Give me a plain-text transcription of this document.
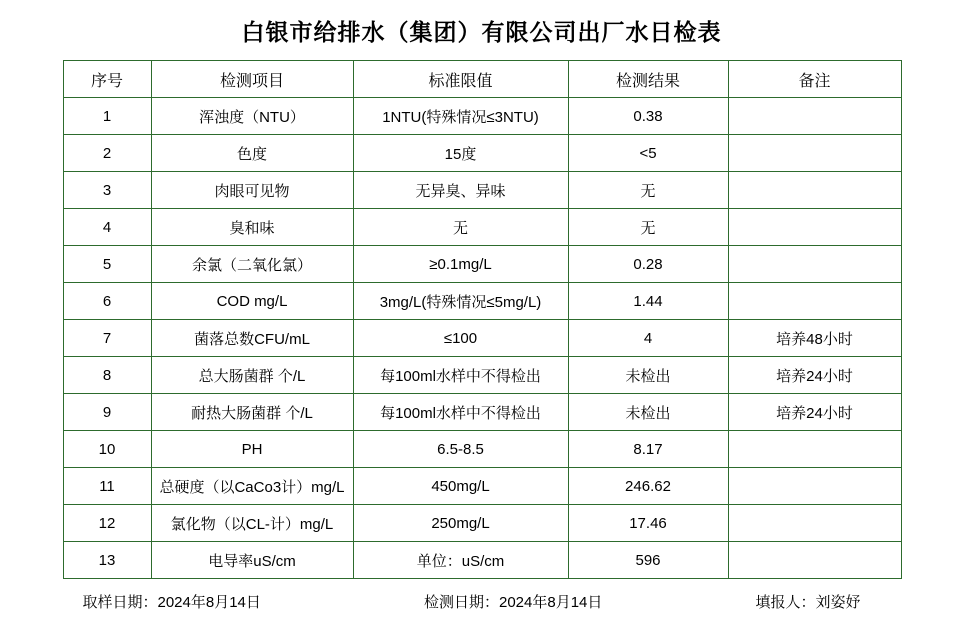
白银市给排水（集团）有限公司出厂水日检表
序号	检测项目	标准限值	检测结果	备注
1	浑浊度（NTU）	1NTU(特殊情况≤3NTU)	0.38	
2	色度	15度	<5	
3	肉眼可见物	无异臭、异味	无	
4	臭和味	无	无	
5	余氯（二氧化氯）	≥0.1mg/L	0.28	
6	COD mg/L	3mg/L(特殊情况≤5mg/L)	1.44	
7	菌落总数CFU/mL	≤100	4	培养48小时
8	总大肠菌群 个/L	每100ml水样中不得检出	未检出	培养24小时
9	耐热大肠菌群 个/L	每100ml水样中不得检出	未检出	培养24小时
10	PH	6.5-8.5	8.17	
11	总硬度（以CaCo3计）mg/L	450mg/L	246.62	
12	氯化物（以CL-计）mg/L	250mg/L	17.46	
13	电导率uS/cm	单位：uS/cm	596	
取样日期：2024年8月14日	检测日期：2024年8月14日	填报人：刘姿妤
